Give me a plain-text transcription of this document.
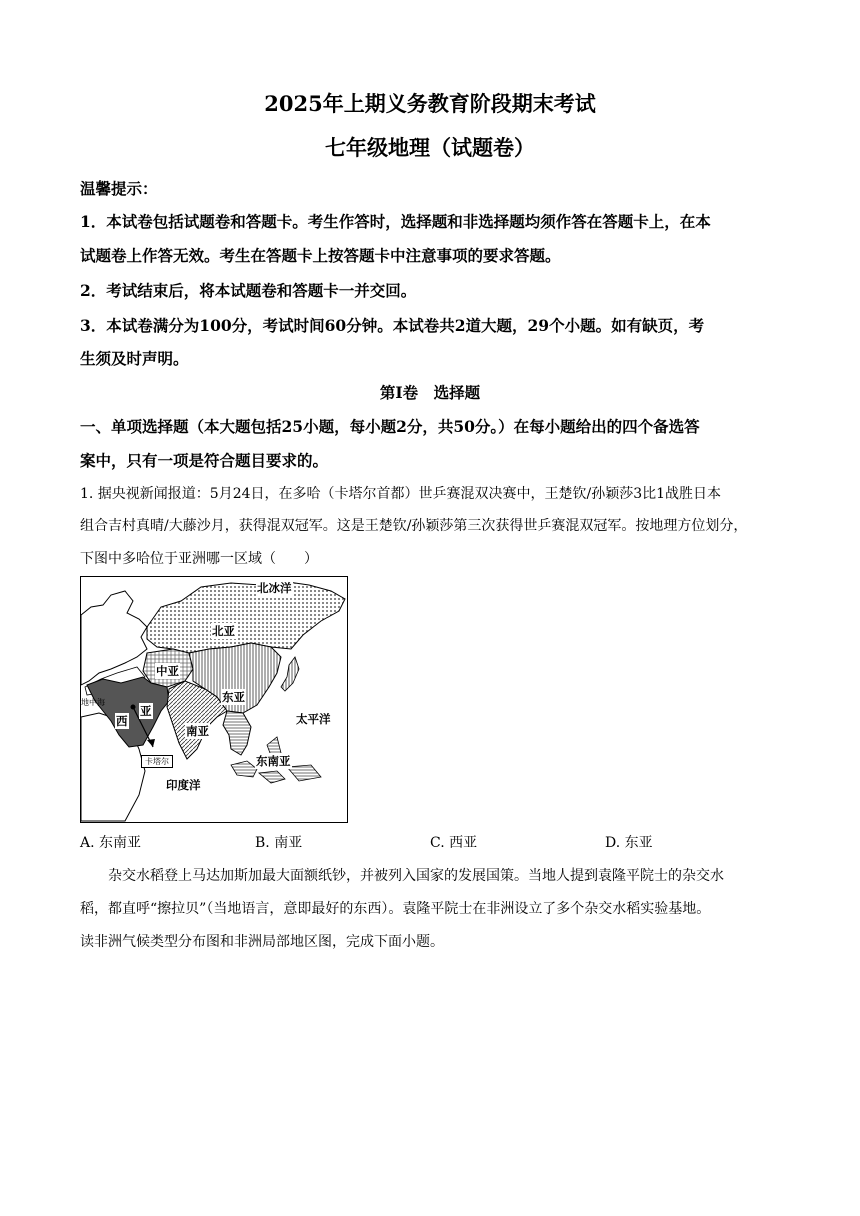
2025年上期义务教育阶段期末考试
七年级地理（试题卷）
温馨提示：
1．本试卷包括试题卷和答题卡。考生作答时，选择题和非选择题均须作答在答题卡上，在本
试题卷上作答无效。考生在答题卡上按答题卡中注意事项的要求答题。
2．考试结束后，将本试题卷和答题卡一并交回。
3．本试卷满分为100分，考试时间60分钟。本试卷共2道大题，29个小题。如有缺页，考
生须及时声明。
第Ⅰ卷　选择题
一、单项选择题（本大题包括25小题，每小题2分，共50分。）在每小题给出的四个备选答
案中，只有一项是符合题目要求的。
1. 据央视新闻报道：5月24日，在多哈（卡塔尔首都）世乒赛混双决赛中，王楚钦/孙颖莎3比1战胜日本
组合吉村真晴/大藤沙月，获得混双冠军。这是王楚钦/孙颖莎第三次获得世乒赛混双冠军。按地理方位划分，
下图中多哈位于亚洲哪一区域（　　）
北冰洋
北亚
中亚
东亚
太平洋
西
亚
南亚
东南亚
印度洋
地中海
卡塔尔
A. 东南亚	B. 南亚	C. 西亚	D. 东亚
杂交水稻登上马达加斯加最大面额纸钞，并被列入国家的发展国策。当地人提到袁隆平院士的杂交水
稻，都直呼“擦拉贝”（当地语言，意即最好的东西）。袁隆平院士在非洲设立了多个杂交水稻实验基地。
读非洲气候类型分布图和非洲局部地区图，完成下面小题。
